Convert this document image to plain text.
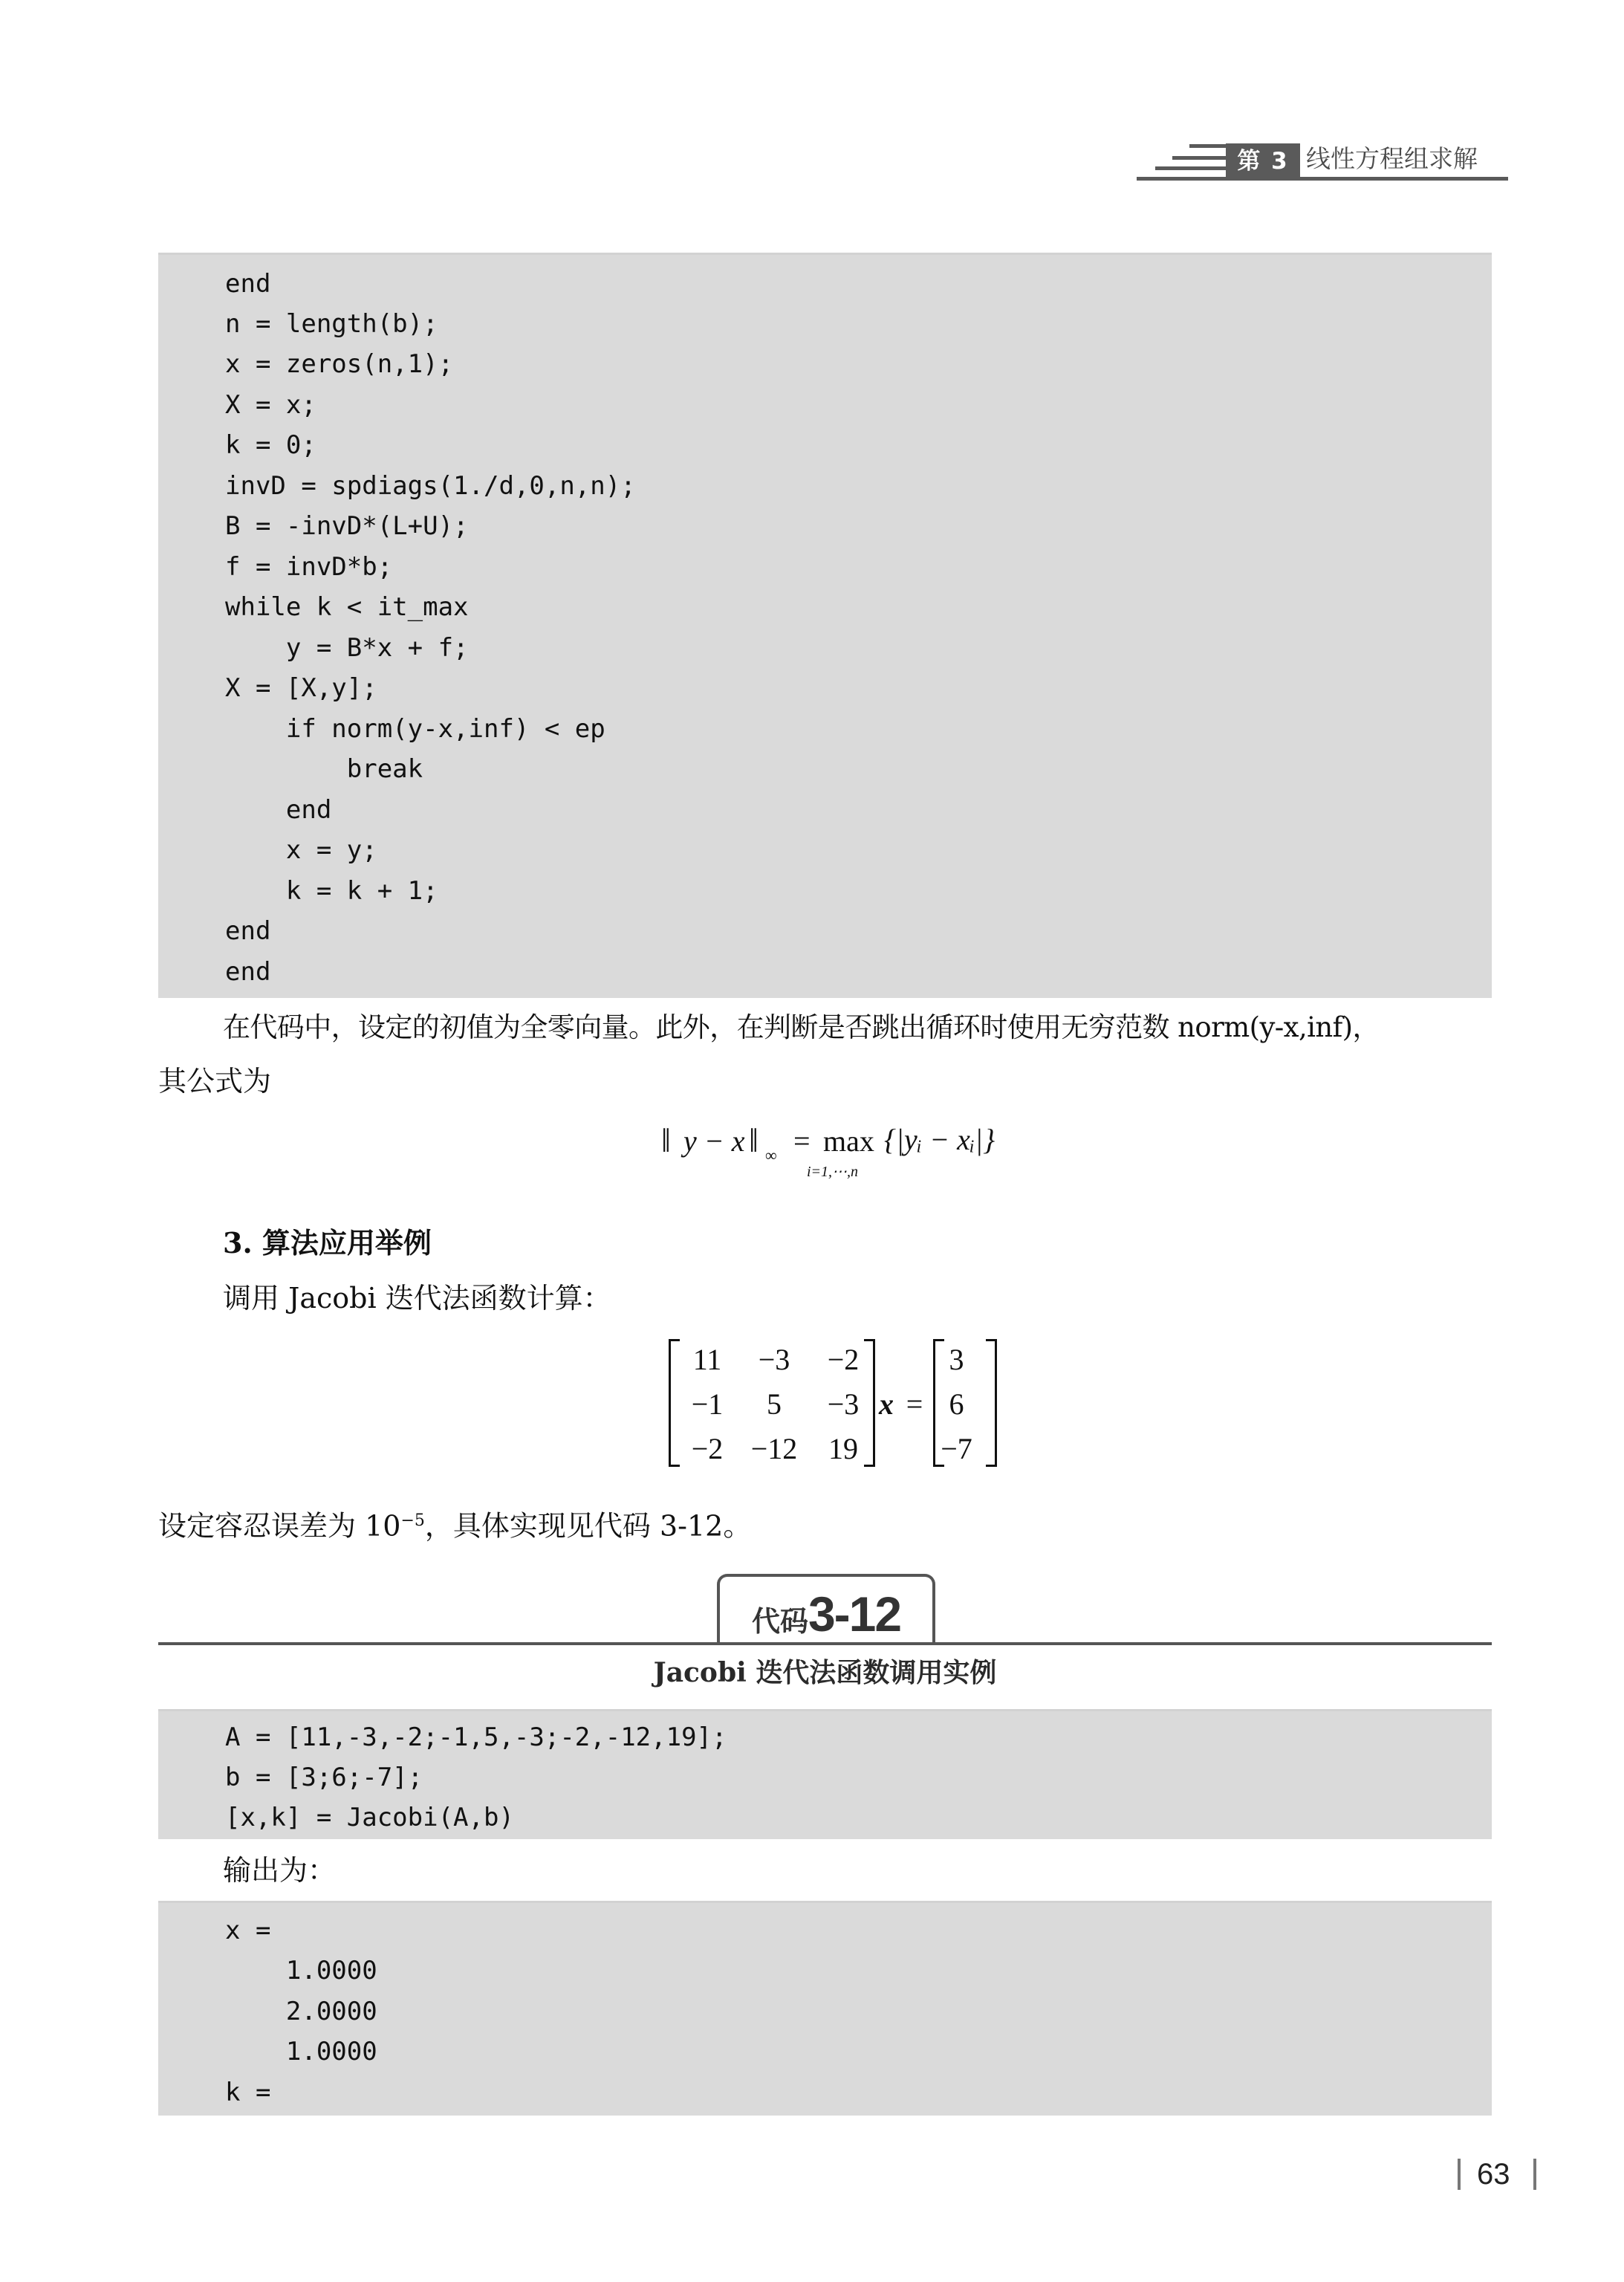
第 3 章
线性方程组求解
end
n = length(b);
x = zeros(n,1);
X = x;
k = 0;
invD = spdiags(1./d,0,n,n);
B = -invD*(L+U);
f = invD*b;
while k < it_max
y = B*x + f;
X = [X,y];
if norm(y-x,inf) < ep
break
end
x = y;
k = k + 1;
end
end
在代码中，设定的初值为全零向量。此外，在判断是否跳出循环时使用无穷范数 norm(y-x,inf)，
其公式为
‖ y − x ‖ ∞ = max
i=1,⋯,n
{|yᵢ − xᵢ|}
3. 算法应用举例
调用 Jacobi 迭代法函数计算：
11	−3	−2
−1	5	−3
−2 −12	19
x =
3
6
−7
设定容忍误差为 $10^{-5}$，具体实现见代码 3-12。
代码3-12
Jacobi 迭代法函数调用实例
A = [11,-3,-2;-1,5,-3;-2,-12,19];
b = [3;6;-7];
[x,k] = Jacobi(A,b)
输出为：
x =
1.0000
2.0000
1.0000
k =
63
